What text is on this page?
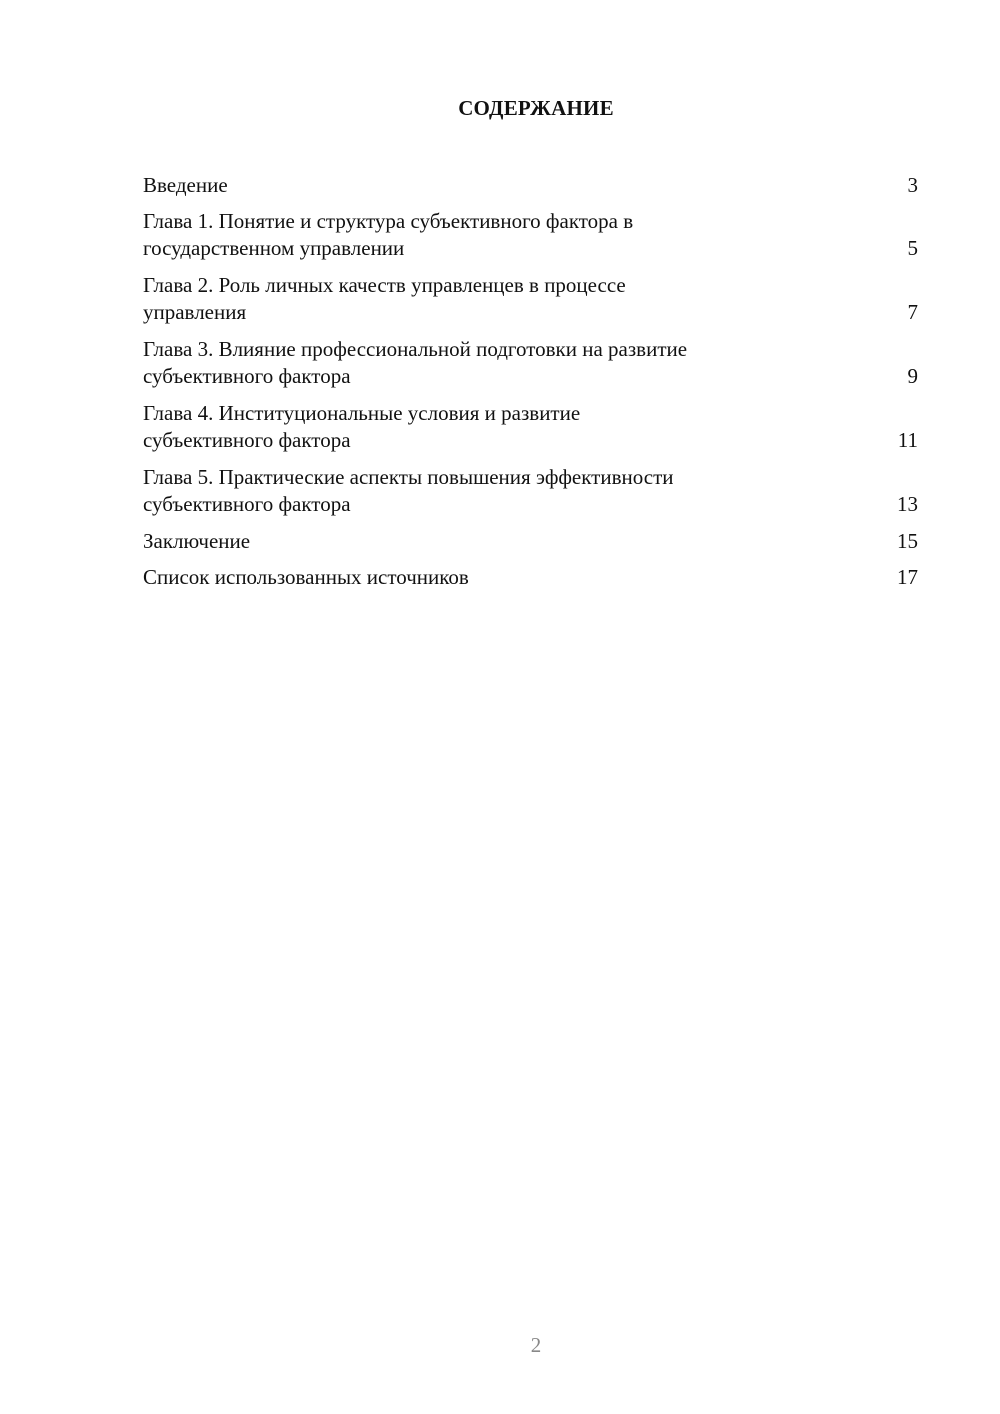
СОДЕРЖАНИЕ
Введение	3
Глава 1. Понятие и структура субъективного фактора в
государственном управлении	5
Глава 2. Роль личных качеств управленцев в процессе
управления	7
Глава 3. Влияние профессиональной подготовки на развитие
субъективного фактора	9
Глава 4. Институциональные условия и развитие
субъективного фактора	11
Глава 5. Практические аспекты повышения эффективности
субъективного фактора	13
Заключение	15
Список использованных источников	17
2
